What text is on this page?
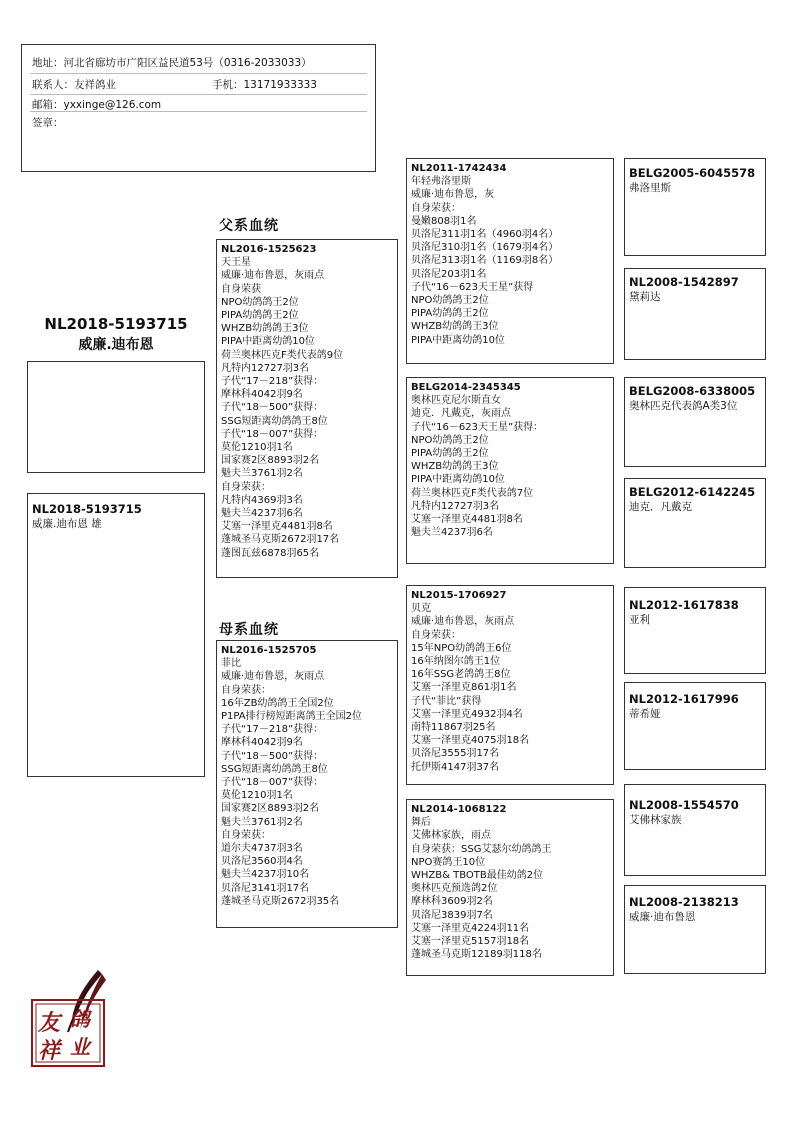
地址：河北省廊坊市广阳区益民道53号（0316-2033033）
联系人：友祥鸽业	手机：13171933333
邮箱：yxxinge@126.com
签章：
NL2018-5193715
威廉.迪布恩
NL2018-5193715
威廉.迪布恩 雄
父系血统
母系血统
NL2016-1525623
天王星
威廉·迪布鲁恩，灰雨点
自身荣获
NPO幼鸽鸽王2位
PIPA幼鸽鸽王2位
WHZB幼鸽鸽王3位
PIPA中距离幼鸽10位
荷兰奥林匹克F类代表鸽9位
凡特内12727羽3名
子代“17－218”获得：
摩林科4042羽9名
子代“18－500”获得：
SSG短距离幼鸽鸽王8位
子代“18－007”获得：
莫伦1210羽1名
国家赛2区8893羽2名
魁夫兰3761羽2名
自身荣获：
凡特内4369羽3名
魁夫兰4237羽6名
艾塞一泽里克4481羽8名
蓬城圣马克斯2672羽17名
蓬图瓦兹6878羽65名
NL2016-1525705
菲比
威廉·迪布鲁恩，灰雨点
自身荣获：
16年ZB幼鸽鸽王全国2位
P1PA排行榜短距离鸽王全国2位
子代“17－218”获得：
摩林科4042羽9名
子代“18－500”获得：
SSG短距离幼鸽鸽王8位
子代“18－007”获得：
莫伦1210羽1名
国家赛2区8893羽2名
魁夫兰3761羽2名
自身荣获：
道尔夫4737羽3名
贝洛尼3560羽4名
魁夫兰4237羽10名
贝洛尼3141羽17名
蓬城圣马克斯2672羽35名
NL2011-1742434
年轻弗洛里斯
威廉·迪布鲁恩，灰
自身荣获：
曼嫩808羽1名
贝洛尼311羽1名（4960羽4名）
贝洛尼310羽1名（1679羽4名）
贝洛尼313羽1名（1169羽8名）
贝洛尼203羽1名
子代“16－623天王星”获得
NPO幼鸽鸽王2位
PIPA幼鸽鸽王2位
WHZB幼鸽鸽王3位
PIPA中距离幼鸽10位
BELG2014-2345345
奥林匹克尼尔斯直女
迪克．凡戴克，灰雨点
子代“16－623天王星”获得：
NPO幼鸽鸽王2位
PIPA幼鸽鸽王2位
WHZB幼鸽鸽王3位
PIPA中距离幼鸽10位
荷兰奥林匹克F类代表鸽7位
凡特内12727羽3名
艾塞一泽里克4481羽8名
魁夫兰4237羽6名
NL2015-1706927
贝克
威廉·迪布鲁恩，灰雨点
自身荣获：
15年NPO幼鸽鸽王6位
16年纳图尔鸽王1位
16年SSG老鸽鸽王8位
艾塞一泽里克861羽1名
子代“菲比”获得
艾塞一泽里克4932羽4名
南特11867羽25名
艾塞一泽里克4075羽18名
贝洛尼3555羽17名
托伊斯4147羽37名
NL2014-1068122
舞后
艾佛林家族，雨点
自身荣获：SSG艾瑟尔幼鸽鸽王
NPO赛鸽王10位
WHZB& TBOTB最佳幼鸽2位
奥林匹克预选鸽2位
摩林科3609羽2名
贝洛尼3839羽7名
艾塞一泽里克4224羽11名
艾塞一泽里克5157羽18名
蓬城圣马克斯12189羽118名
BELG2005-6045578
弗洛里斯
NL2008-1542897
黛莉达
BELG2008-6338005
奥林匹克代表鸽A类3位
BELG2012-6142245
迪克．凡戴克
NL2012-1617838
亚利
NL2012-1617996
蒂希娅
NL2008-1554570
艾佛林家族
NL2008-2138213
威廉·迪布鲁恩
友
祥
鸽
业
